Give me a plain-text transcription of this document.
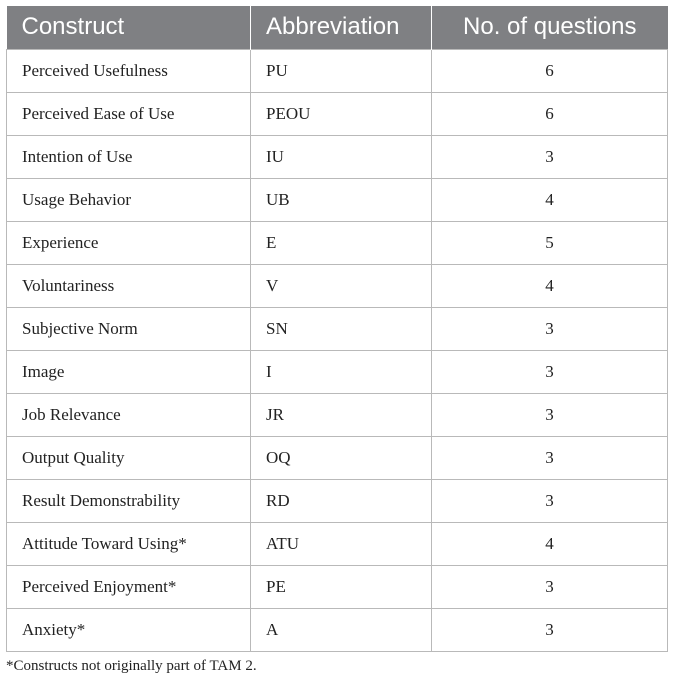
Construct	Abbreviation	No. of questions
Perceived Usefulness	PU	6
Perceived Ease of Use	PEOU	6
Intention of Use	IU	3
Usage Behavior	UB	4
Experience	E	5
Voluntariness	V	4
Subjective Norm	SN	3
Image	I	3
Job Relevance	JR	3
Output Quality	OQ	3
Result Demonstrability	RD	3
Attitude Toward Using*	ATU	4
Perceived Enjoyment*	PE	3
Anxiety*	A	3
*Constructs not originally part of TAM 2.
